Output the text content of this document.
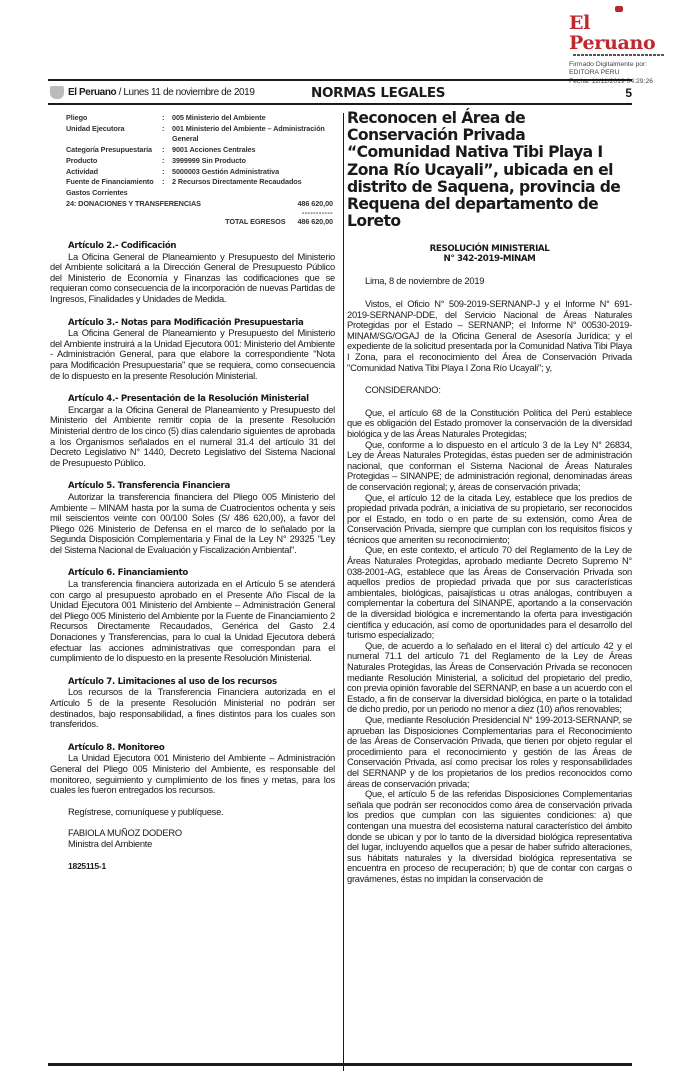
El Peruano
Firmado Digitalmente por:
EDITORA PERU
Fecha: 11/11/2019 04:29:26
El Peruano / Lunes 11 de noviembre de 2019	NORMAS LEGALES	5
Pliego	:	005 Ministerio del Ambiente
Unidad Ejecutora	:	001 Ministerio del Ambiente – Administración General
Categoría Presupuestaria	:	9001 Acciones Centrales
Producto	:	3999999 Sin Producto
Actividad	:	5000003 Gestión Administrativa
Fuente de Financiamiento	:	2 Recursos Directamente Recaudados
Gastos Corrientes
24: DONACIONES Y TRANSFERENCIAS	486 620,00
-----------
TOTAL EGRESOS 486 620,00
Artículo 2.- Codificación

La Oficina General de Planeamiento y Presupuesto del Ministerio del Ambiente solicitará a la Dirección General de Presupuesto Público del Ministerio de Economía y Finanzas las codificaciones que se requieran como consecuencia de la incorporación de nuevas Partidas de Ingresos, Finalidades y Unidades de Medida.

Artículo 3.- Notas para Modificación Presupuestaria

La Oficina General de Planeamiento y Presupuesto del Ministerio del Ambiente instruirá a la Unidad Ejecutora 001: Ministerio del Ambiente - Administración General, para que elabore la correspondiente "Nota para Modificación Presupuestaria" que se requiera, como consecuencia de lo dispuesto en la presente Resolución Ministerial.

Artículo 4.- Presentación de la Resolución Ministerial

Encargar a la Oficina General de Planeamiento y Presupuesto del Ministerio del Ambiente remitir copia de la presente Resolución Ministerial dentro de los cinco (5) días calendario siguientes de aprobada a los Organismos señalados en el numeral 31.4 del artículo 31 del Decreto Legislativo N° 1440, Decreto Legislativo del Sistema Nacional de Presupuesto Público.

Artículo 5. Transferencia Financiera

Autorizar la transferencia financiera del Pliego 005 Ministerio del Ambiente – MINAM hasta por la suma de Cuatrocientos ochenta y seis mil seiscientos veinte con 00/100 Soles (S/ 486 620,00), a favor del Pliego 026 Ministerio de Defensa en el marco de lo señalado por la Segunda Disposición Complementaria y Final de la Ley N° 29325 "Ley del Sistema Nacional de Evaluación y Fiscalización Ambiental".

Artículo 6. Financiamiento

La transferencia financiera autorizada en el Artículo 5 se atenderá con cargo al presupuesto aprobado en el Presente Año Fiscal de la Unidad Ejecutora 001 Ministerio del Ambiente – Administración General del Pliego 005 Ministerio del Ambiente por la Fuente de Financiamiento 2 Recursos Directamente Recaudados, Genérica del Gasto 2.4 Donaciones y Transferencias, para lo cual la Unidad Ejecutora deberá efectuar las acciones administrativas que correspondan para el cumplimiento de lo dispuesto en la presente Resolución Ministerial.

Artículo 7. Limitaciones al uso de los recursos

Los recursos de la Transferencia Financiera autorizada en el Artículo 5 de la presente Resolución Ministerial no podrán ser destinados, bajo responsabilidad, a fines distintos para los cuales son transferidos.

Artículo 8. Monitoreo

La Unidad Ejecutora 001 Ministerio del Ambiente – Administración General del Pliego 005 Ministerio del Ambiente, es responsable del monitoreo, seguimiento y cumplimiento de los fines y metas, para los cuales les fueron entregados los recursos.

Regístrese, comuníquese y publíquese.

FABIOLA MUÑOZ DODERO
Ministra del Ambiente
1825115-1
Reconocen el Área de Conservación Privada “Comunidad Nativa Tibi Playa I Zona Río Ucayali”, ubicada en el distrito de Saquena, provincia de Requena del departamento de Loreto
RESOLUCIÓN MINISTERIAL
N° 342-2019-MINAM

Lima, 8 de noviembre de 2019

Vistos, el Oficio N° 509-2019-SERNANP-J y el Informe N° 691-2019-SERNANP-DDE, del Servicio Nacional de Áreas Naturales Protegidas por el Estado – SERNANP; el Informe N° 00530-2019-MINAM/SG/OGAJ de la Oficina General de Asesoría Jurídica; y el expediente de la solicitud presentada por la Comunidad Nativa Tibi Playa I Zona, para el reconocimiento del Área de Conservación Privada "Comunidad Nativa Tibi Playa I Zona Río Ucayali"; y,

CONSIDERANDO:

Que, el artículo 68 de la Constitución Política del Perú establece que es obligación del Estado promover la conservación de la diversidad biológica y de las Áreas Naturales Protegidas;

Que, conforme a lo dispuesto en el artículo 3 de la Ley N° 26834, Ley de Áreas Naturales Protegidas, éstas pueden ser de administración nacional, que conforman el Sistema Nacional de Áreas Naturales Protegidas – SINANPE; de administración regional, denominadas áreas de conservación regional; y, áreas de conservación privada;

Que, el artículo 12 de la citada Ley, establece que los predios de propiedad privada podrán, a iniciativa de su propietario, ser reconocidos por el Estado, en todo o en parte de su extensión, como Área de Conservación Privada, siempre que cumplan con los requisitos físicos y técnicos que ameriten su reconocimiento;

Que, en este contexto, el artículo 70 del Reglamento de la Ley de Áreas Naturales Protegidas, aprobado mediante Decreto Supremo N° 038-2001-AG, establece que las Áreas de Conservación Privada son aquellos predios de propiedad privada que por sus características ambientales, biológicas, paisajísticas u otras análogas, contribuyen a complementar la cobertura del SINANPE, aportando a la conservación de la diversidad biológica e incrementando la oferta para investigación científica y educación, así como de oportunidades para el desarrollo del turismo especializado;

Que, de acuerdo a lo señalado en el literal c) del artículo 42 y el numeral 71.1 del artículo 71 del Reglamento de la Ley de Áreas Naturales Protegidas, las Áreas de Conservación Privada se reconocen mediante Resolución Ministerial, a solicitud del propietario del predio, con previa opinión favorable del SERNANP, en base a un acuerdo con el Estado, a fin de conservar la diversidad biológica, en parte o la totalidad de dicho predio, por un periodo no menor a diez (10) años renovables;

Que, mediante Resolución Presidencial N° 199-2013-SERNANP, se aprueban las Disposiciones Complementarias para el Reconocimiento de las Áreas de Conservación Privada, que tienen por objeto regular el procedimiento para el reconocimiento y gestión de las Áreas de Conservación Privada, así como precisar los roles y responsabilidades del SERNANP y de los propietarios de los predios reconocidos como áreas de conservación privada;

Que, el artículo 5 de las referidas Disposiciones Complementarias señala que podrán ser reconocidos como área de conservación privada los predios que cumplan con las siguientes condiciones: a) que contengan una muestra del ecosistema natural característico del ámbito donde se ubican y por lo tanto de la diversidad biológica representativa del lugar, incluyendo aquellos que a pesar de haber sufrido alteraciones, sus hábitats naturales y la diversidad biológica representativa se encuentra en proceso de recuperación; b) que de contar con cargas o gravámenes, éstas no impidan la conservación de
